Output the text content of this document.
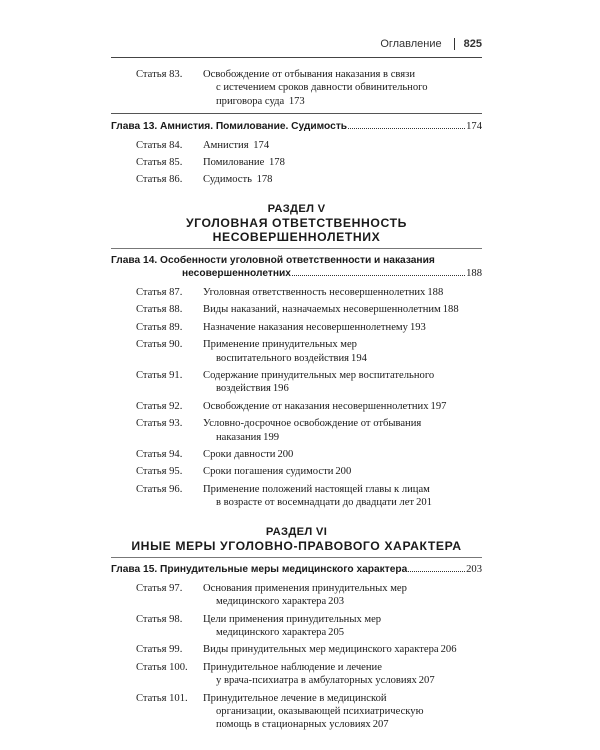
Оглавление 825
Статья 83.	Освобождение от отбывания наказания в связи
с истечением сроков давности обвинительного
приговора суда 173
Глава 13. Амнистия. Помилование. Судимость	174
Статья 84.	Амнистия 174
Статья 85.	Помилование 178
Статья 86.	Судимость 178
РАЗДЕЛ V
УГОЛОВНАЯ ОТВЕТСТВЕННОСТЬ НЕСОВЕРШЕННОЛЕТНИХ
Глава 14. Особенности уголовной ответственности и наказания
несовершеннолетних	188
Статья 87.	Уголовная ответственность несовершеннолетних 188
Статья 88.	Виды наказаний, назначаемых несовершеннолетним 188
Статья 89.	Назначение наказания несовершеннолетнему 193
Статья 90.	Применение принудительных мер
воспитательного воздействия 194
Статья 91.	Содержание принудительных мер воспитательного
воздействия 196
Статья 92.	Освобождение от наказания несовершеннолетних 197
Статья 93.	Условно-досрочное освобождение от отбывания
наказания 199
Статья 94.	Сроки давности 200
Статья 95.	Сроки погашения судимости 200
Статья 96.	Применение положений настоящей главы к лицам
в возрасте от восемнадцати до двадцати лет 201
РАЗДЕЛ VI
ИНЫЕ МЕРЫ УГОЛОВНО-ПРАВОВОГО ХАРАКТЕРА
Глава 15. Принудительные меры медицинского характера	203
Статья 97.	Основания применения принудительных мер
медицинского характера 203
Статья 98.	Цели применения принудительных мер
медицинского характера 205
Статья 99.	Виды принудительных мер медицинского характера 206
Статья 100.	Принудительное наблюдение и лечение
у врача-психиатра в амбулаторных условиях 207
Статья 101.	Принудительное лечение в медицинской
организации, оказывающей психиатрическую
помощь в стационарных условиях 207
